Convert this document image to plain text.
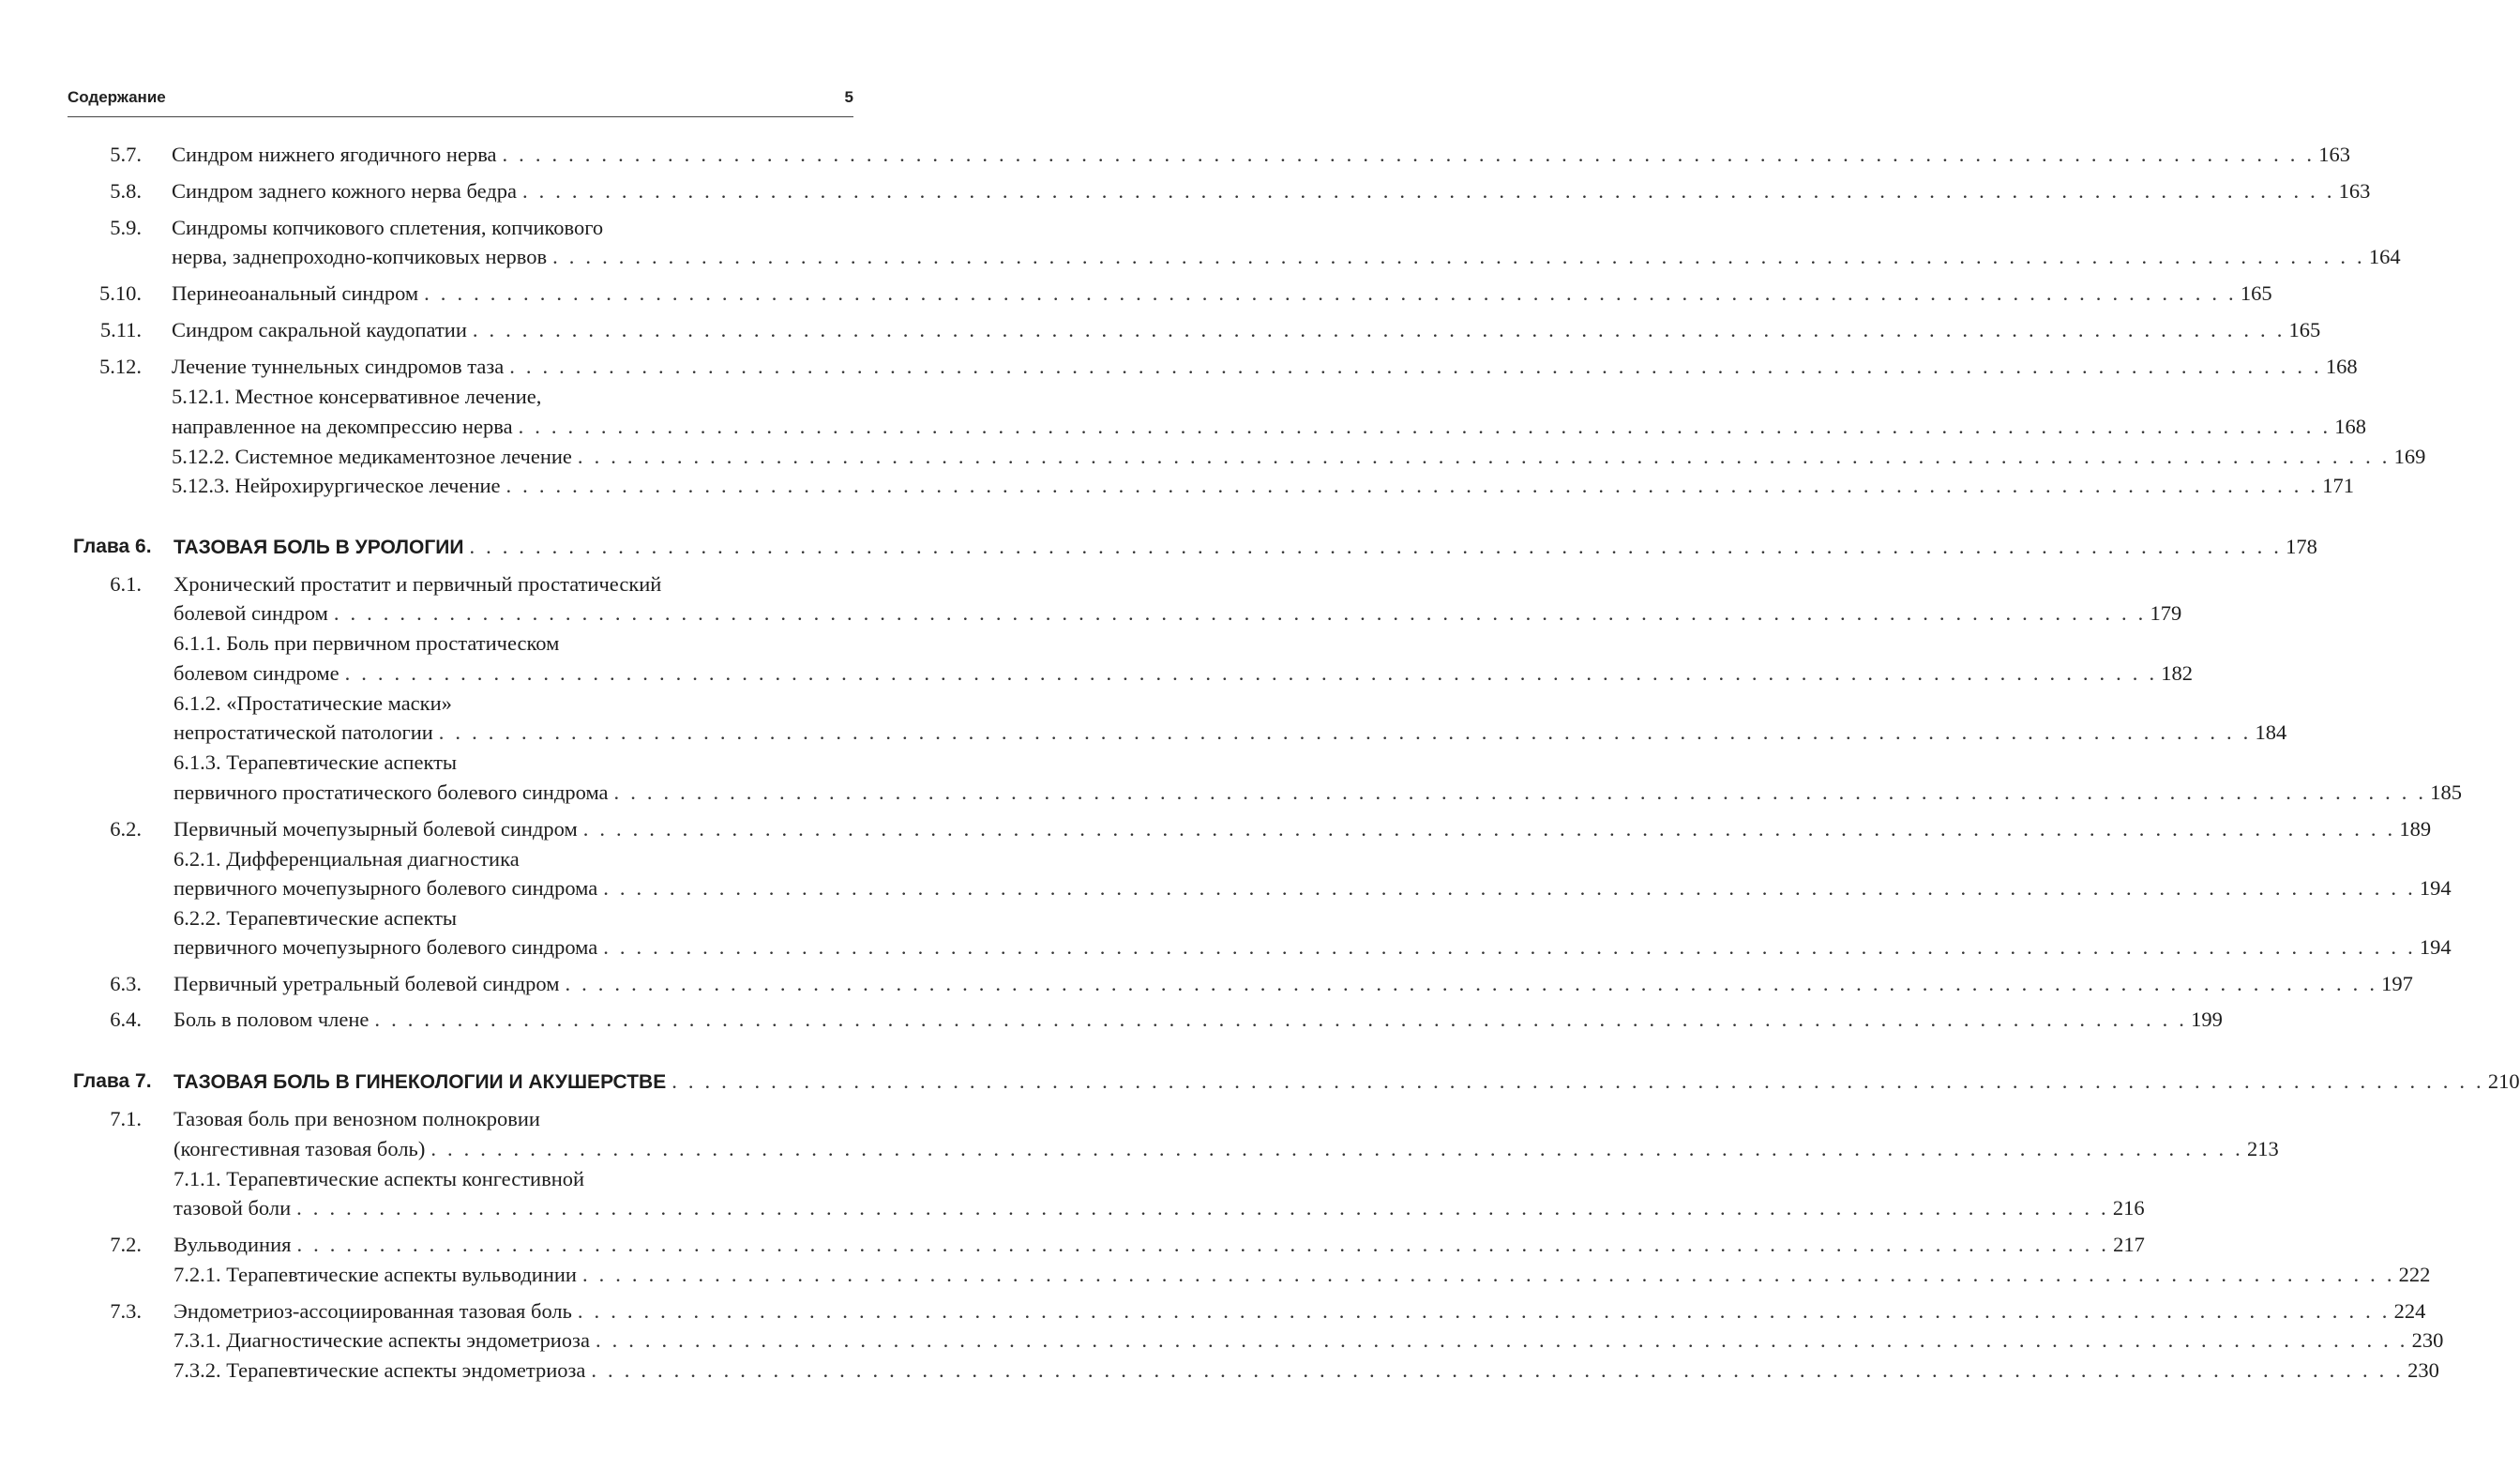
Содержание	5
5.7. Синдром нижнего ягодичного нерва . . . . . . . . . . . . . . . . . . . . . . . . . . . . . . . . . . . . . . . . . . . . . . . . . . . . . . . . . . . . . . . . . . . . . . . . . . . . . . . . . . . . . . . . . . . . . . . . . . . . . . . . . . . . . . 163
5.8. Синдром заднего кожного нерва бедра . . . . . . . . . . . . . . . . . . . . . . . . . . . . . . . . . . . . . . . . . . . . . . . . . . . . . . . . . . . . . . . . . . . . . . . . . . . . . . . . . . . . . . . . . . . . . . . . . . . . . . . . . . . . . . 163
5.9. Синдромы копчикового сплетения, копчикового
нерва, заднепроходно-копчиковых нервов . . . . . . . . . . . . . . . . . . . . . . . . . . . . . . . . . . . . . . . . . . . . . . . . . . . . . . . . . . . . . . . . . . . . . . . . . . . . . . . . . . . . . . . . . . . . . . . . . . . . . . . . . . . . . . 164
5.10. Перинеоанальный синдром . . . . . . . . . . . . . . . . . . . . . . . . . . . . . . . . . . . . . . . . . . . . . . . . . . . . . . . . . . . . . . . . . . . . . . . . . . . . . . . . . . . . . . . . . . . . . . . . . . . . . . . . . . . . . . 165
5.11. Синдром сакральной каудопатии . . . . . . . . . . . . . . . . . . . . . . . . . . . . . . . . . . . . . . . . . . . . . . . . . . . . . . . . . . . . . . . . . . . . . . . . . . . . . . . . . . . . . . . . . . . . . . . . . . . . . . . . . . . . . . 165
5.12. Лечение туннельных синдромов таза . . . . . . . . . . . . . . . . . . . . . . . . . . . . . . . . . . . . . . . . . . . . . . . . . . . . . . . . . . . . . . . . . . . . . . . . . . . . . . . . . . . . . . . . . . . . . . . . . . . . . . . . . . . . . . 168
5.12.1. Местное консервативное лечение,
направленное на декомпрессию нерва . . . . . . . . . . . . . . . . . . . . . . . . . . . . . . . . . . . . . . . . . . . . . . . . . . . . . . . . . . . . . . . . . . . . . . . . . . . . . . . . . . . . . . . . . . . . . . . . . . . . . . . . . . . . . . 168
5.12.2. Системное медикаментозное лечение . . . . . . . . . . . . . . . . . . . . . . . . . . . . . . . . . . . . . . . . . . . . . . . . . . . . . . . . . . . . . . . . . . . . . . . . . . . . . . . . . . . . . . . . . . . . . . . . . . . . . . . . . . . . . . 169
5.12.3. Нейрохирургическое лечение . . . . . . . . . . . . . . . . . . . . . . . . . . . . . . . . . . . . . . . . . . . . . . . . . . . . . . . . . . . . . . . . . . . . . . . . . . . . . . . . . . . . . . . . . . . . . . . . . . . . . . . . . . . . . . 171
Глава 6.	ТАЗОВАЯ БОЛЬ В УРОЛОГИИ . . . . . . . . . . . . . . . . . . . . . . . . . . . . . . . . . . . . . . . . . . . . . . . . . . . . . . . . . . . . . . . . . . . . . . . . . . . . . . . . . . . . . . . . . . . . . . . . . . . . . . . . . . . . . . 178
6.1. Хронический простатит и первичный простатический
болевой синдром . . . . . . . . . . . . . . . . . . . . . . . . . . . . . . . . . . . . . . . . . . . . . . . . . . . . . . . . . . . . . . . . . . . . . . . . . . . . . . . . . . . . . . . . . . . . . . . . . . . . . . . . . . . . . . 179
6.1.1. Боль при первичном простатическом
болевом синдроме . . . . . . . . . . . . . . . . . . . . . . . . . . . . . . . . . . . . . . . . . . . . . . . . . . . . . . . . . . . . . . . . . . . . . . . . . . . . . . . . . . . . . . . . . . . . . . . . . . . . . . . . . . . . . . 182
6.1.2. «Простатические маски»
непростатической патологии . . . . . . . . . . . . . . . . . . . . . . . . . . . . . . . . . . . . . . . . . . . . . . . . . . . . . . . . . . . . . . . . . . . . . . . . . . . . . . . . . . . . . . . . . . . . . . . . . . . . . . . . . . . . . . 184
6.1.3. Терапевтические аспекты
первичного простатического болевого синдрома . . . . . . . . . . . . . . . . . . . . . . . . . . . . . . . . . . . . . . . . . . . . . . . . . . . . . . . . . . . . . . . . . . . . . . . . . . . . . . . . . . . . . . . . . . . . . . . . . . . . . . . . . . . . . . 185
6.2. Первичный мочепузырный болевой синдром . . . . . . . . . . . . . . . . . . . . . . . . . . . . . . . . . . . . . . . . . . . . . . . . . . . . . . . . . . . . . . . . . . . . . . . . . . . . . . . . . . . . . . . . . . . . . . . . . . . . . . . . . . . . . . 189
6.2.1. Дифференциальная диагностика
первичного мочепузырного болевого синдрома . . . . . . . . . . . . . . . . . . . . . . . . . . . . . . . . . . . . . . . . . . . . . . . . . . . . . . . . . . . . . . . . . . . . . . . . . . . . . . . . . . . . . . . . . . . . . . . . . . . . . . . . . . . . . . 194
6.2.2. Терапевтические аспекты
первичного мочепузырного болевого синдрома . . . . . . . . . . . . . . . . . . . . . . . . . . . . . . . . . . . . . . . . . . . . . . . . . . . . . . . . . . . . . . . . . . . . . . . . . . . . . . . . . . . . . . . . . . . . . . . . . . . . . . . . . . . . . . 194
6.3. Первичный уретральный болевой синдром . . . . . . . . . . . . . . . . . . . . . . . . . . . . . . . . . . . . . . . . . . . . . . . . . . . . . . . . . . . . . . . . . . . . . . . . . . . . . . . . . . . . . . . . . . . . . . . . . . . . . . . . . . . . . . 197
6.4. Боль в половом члене . . . . . . . . . . . . . . . . . . . . . . . . . . . . . . . . . . . . . . . . . . . . . . . . . . . . . . . . . . . . . . . . . . . . . . . . . . . . . . . . . . . . . . . . . . . . . . . . . . . . . . . . . . . . . . 199
Глава 7.	ТАЗОВАЯ БОЛЬ В ГИНЕКОЛОГИИ И АКУШЕРСТВЕ . . . . . . . . . . . . . . . . . . . . . . . . . . . . . . . . . . . . . . . . . . . . . . . . . . . . . . . . . . . . . . . . . . . . . . . . . . . . . . . . . . . . . . . . . . . . . . . . . . . . . . . . . . . . . . 210
7.1. Тазовая боль при венозном полнокровии
(конгестивная тазовая боль) . . . . . . . . . . . . . . . . . . . . . . . . . . . . . . . . . . . . . . . . . . . . . . . . . . . . . . . . . . . . . . . . . . . . . . . . . . . . . . . . . . . . . . . . . . . . . . . . . . . . . . . . . . . . . . 213
7.1.1. Терапевтические аспекты конгестивной
тазовой боли . . . . . . . . . . . . . . . . . . . . . . . . . . . . . . . . . . . . . . . . . . . . . . . . . . . . . . . . . . . . . . . . . . . . . . . . . . . . . . . . . . . . . . . . . . . . . . . . . . . . . . . . . . . . . . 216
7.2. Вульводиния . . . . . . . . . . . . . . . . . . . . . . . . . . . . . . . . . . . . . . . . . . . . . . . . . . . . . . . . . . . . . . . . . . . . . . . . . . . . . . . . . . . . . . . . . . . . . . . . . . . . . . . . . . . . . . 217
7.2.1. Терапевтические аспекты вульводинии . . . . . . . . . . . . . . . . . . . . . . . . . . . . . . . . . . . . . . . . . . . . . . . . . . . . . . . . . . . . . . . . . . . . . . . . . . . . . . . . . . . . . . . . . . . . . . . . . . . . . . . . . . . . . . 222
7.3. Эндометриоз-ассоциированная тазовая боль . . . . . . . . . . . . . . . . . . . . . . . . . . . . . . . . . . . . . . . . . . . . . . . . . . . . . . . . . . . . . . . . . . . . . . . . . . . . . . . . . . . . . . . . . . . . . . . . . . . . . . . . . . . . . . 224
7.3.1. Диагностические аспекты эндометриоза . . . . . . . . . . . . . . . . . . . . . . . . . . . . . . . . . . . . . . . . . . . . . . . . . . . . . . . . . . . . . . . . . . . . . . . . . . . . . . . . . . . . . . . . . . . . . . . . . . . . . . . . . . . . . . 230
7.3.2. Терапевтические аспекты эндометриоза . . . . . . . . . . . . . . . . . . . . . . . . . . . . . . . . . . . . . . . . . . . . . . . . . . . . . . . . . . . . . . . . . . . . . . . . . . . . . . . . . . . . . . . . . . . . . . . . . . . . . . . . . . . . . . 230
